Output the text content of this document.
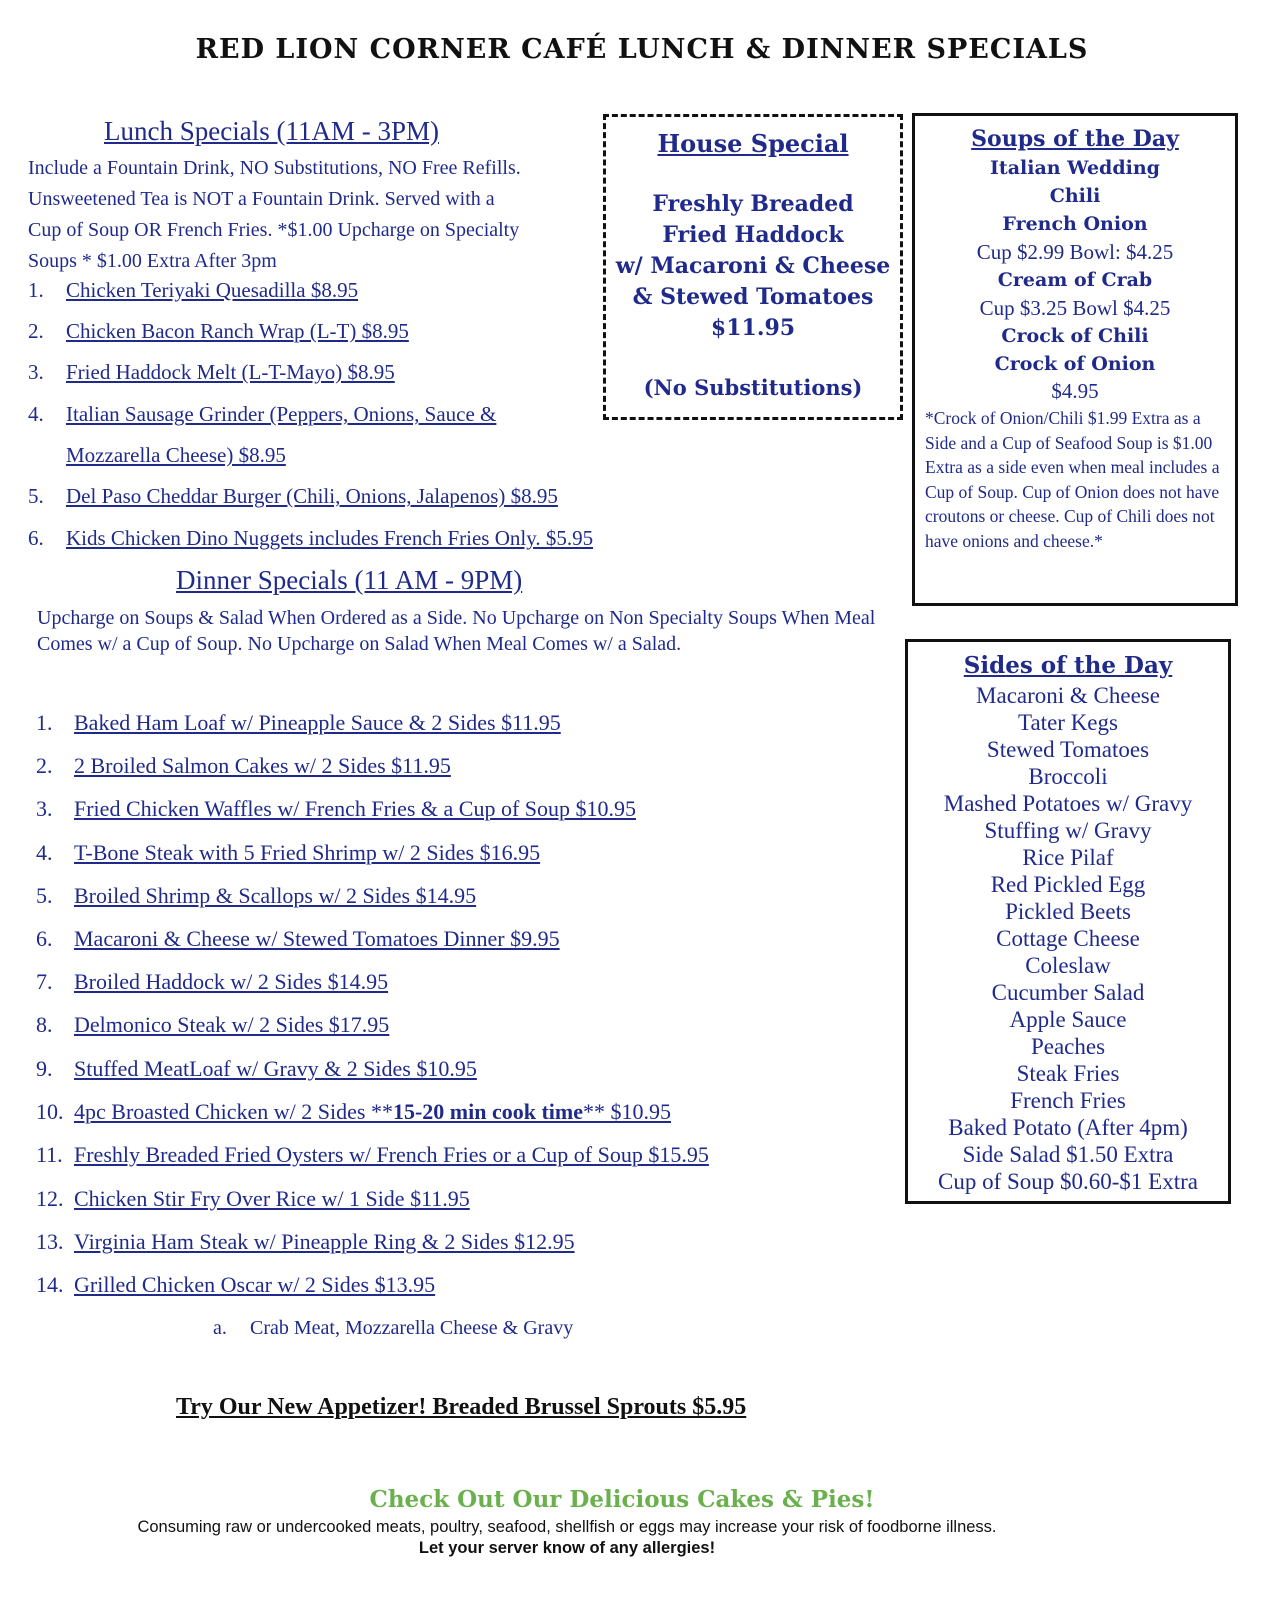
RED LION CORNER CAFÉ LUNCH & DINNER SPECIALS
Lunch Specials (11AM - 3PM)
Include a Fountain Drink, NO Substitutions, NO Free Refills.
Unsweetened Tea is NOT a Fountain Drink. Served with a
Cup of Soup OR French Fries. *$1.00 Upcharge on Specialty
Soups * $1.00 Extra After 3pm
1. Chicken Teriyaki Quesadilla $8.95
2. Chicken Bacon Ranch Wrap (L-T) $8.95
3. Fried Haddock Melt (L-T-Mayo) $8.95
4. Italian Sausage Grinder (Peppers, Onions, Sauce &
Mozzarella Cheese) $8.95
5. Del Paso Cheddar Burger (Chili, Onions, Jalapenos) $8.95
6. Kids Chicken Dino Nuggets includes French Fries Only. $5.95
Dinner Specials (11 AM - 9PM)
Upcharge on Soups & Salad When Ordered as a Side. No Upcharge on Non Specialty Soups When Meal Comes w/ a Cup of Soup. No Upcharge on Salad When Meal Comes w/ a Salad.
1. Baked Ham Loaf w/ Pineapple Sauce & 2 Sides $11.95
2. 2 Broiled Salmon Cakes w/ 2 Sides $11.95
3. Fried Chicken Waffles w/ French Fries & a Cup of Soup $10.95
4. T-Bone Steak with 5 Fried Shrimp w/ 2 Sides $16.95
5. Broiled Shrimp & Scallops w/ 2 Sides $14.95
6. Macaroni & Cheese w/ Stewed Tomatoes Dinner $9.95
7. Broiled Haddock w/ 2 Sides $14.95
8. Delmonico Steak w/ 2 Sides $17.95
9. Stuffed MeatLoaf w/ Gravy & 2 Sides $10.95
10. 4pc Broasted Chicken w/ 2 Sides **15-20 min cook time** $10.95
11. Freshly Breaded Fried Oysters w/ French Fries or a Cup of Soup $15.95
12. Chicken Stir Fry Over Rice w/ 1 Side $11.95
13. Virginia Ham Steak w/ Pineapple Ring & 2 Sides $12.95
14. Grilled Chicken Oscar w/ 2 Sides $13.95
a. Crab Meat, Mozzarella Cheese & Gravy
House Special
Freshly Breaded
Fried Haddock
w/ Macaroni & Cheese
& Stewed Tomatoes
$11.95
(No Substitutions)
Soups of the Day
Italian Wedding
Chili
French Onion
Cup $2.99 Bowl: $4.25
Cream of Crab
Cup $3.25 Bowl $4.25
Crock of Chili
Crock of Onion
$4.95
*Crock of Onion/Chili $1.99 Extra as a Side and a Cup of Seafood Soup is $1.00 Extra as a side even when meal includes a Cup of Soup. Cup of Onion does not have croutons or cheese. Cup of Chili does not have onions and cheese.*
Sides of the Day
Macaroni & Cheese
Tater Kegs
Stewed Tomatoes
Broccoli
Mashed Potatoes w/ Gravy
Stuffing w/ Gravy
Rice Pilaf
Red Pickled Egg
Pickled Beets
Cottage Cheese
Coleslaw
Cucumber Salad
Apple Sauce
Peaches
Steak Fries
French Fries
Baked Potato (After 4pm)
Side Salad $1.50 Extra
Cup of Soup $0.60-$1 Extra
Try Our New Appetizer! Breaded Brussel Sprouts $5.95
Check Out Our Delicious Cakes & Pies!
Consuming raw or undercooked meats, poultry, seafood, shellfish or eggs may increase your risk of foodborne illness.
Let your server know of any allergies!
